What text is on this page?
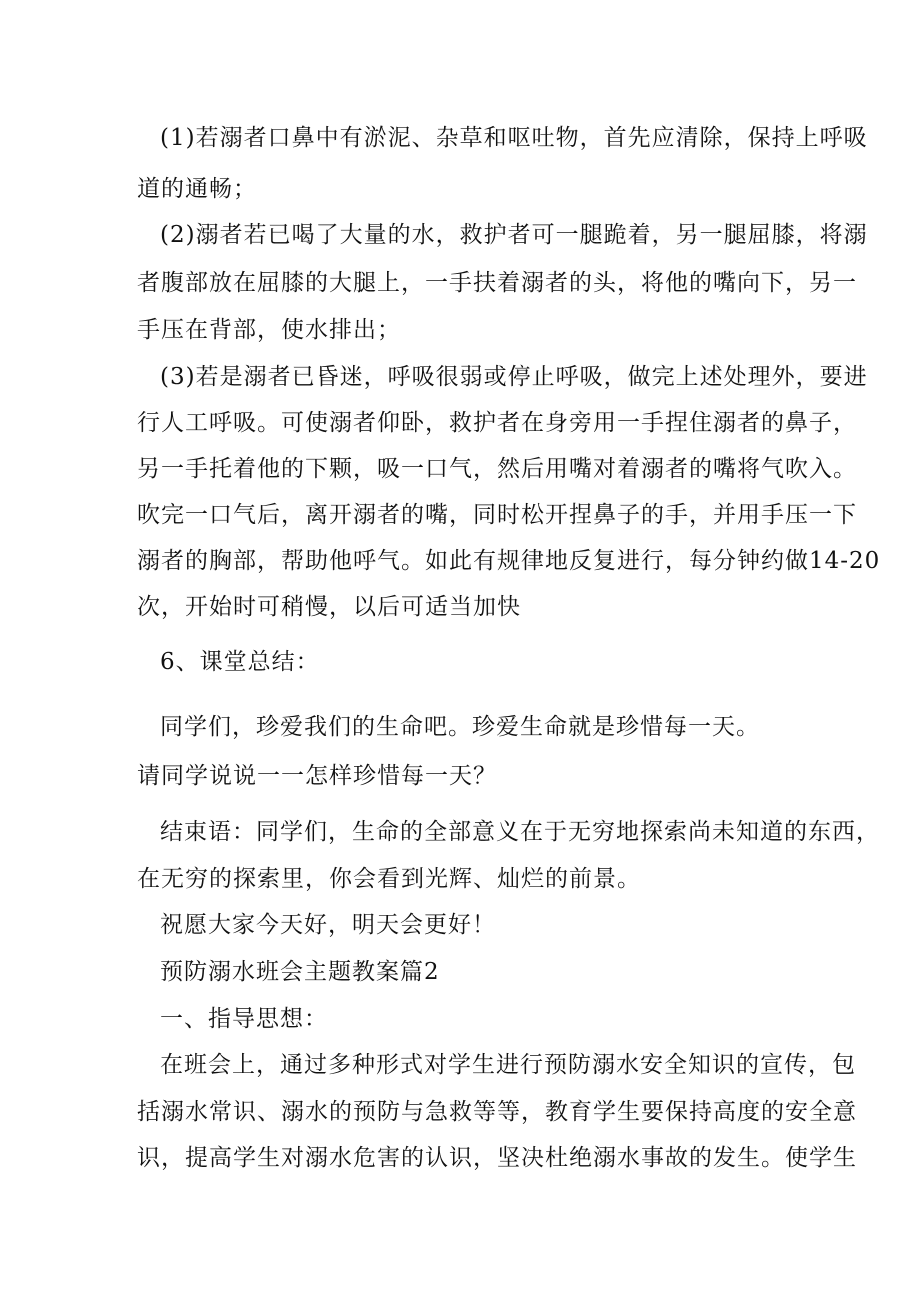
(1)若溺者口鼻中有淤泥、杂草和呕吐物，首先应清除，保持上呼吸
道的通畅；
(2)溺者若已喝了大量的水，救护者可一腿跪着，另一腿屈膝，将溺
者腹部放在屈膝的大腿上，一手扶着溺者的头，将他的嘴向下，另一
手压在背部，使水排出；
(3)若是溺者已昏迷，呼吸很弱或停止呼吸，做完上述处理外，要进
行人工呼吸。可使溺者仰卧，救护者在身旁用一手捏住溺者的鼻子，
另一手托着他的下颗，吸一口气，然后用嘴对着溺者的嘴将气吹入。
吹完一口气后，离开溺者的嘴，同时松开捏鼻子的手，并用手压一下
溺者的胸部，帮助他呼气。如此有规律地反复进行，每分钟约做14-20
次，开始时可稍慢，以后可适当加快
6、课堂总结：
同学们，珍爱我们的生命吧。珍爱生命就是珍惜每一天。
请同学说说一一怎样珍惜每一天？
结束语：同学们，生命的全部意义在于无穷地探索尚未知道的东西，
在无穷的探索里，你会看到光辉、灿烂的前景。
祝愿大家今天好，明天会更好！
预防溺水班会主题教案篇2
一、指导思想：
在班会上，通过多种形式对学生进行预防溺水安全知识的宣传，包
括溺水常识、溺水的预防与急救等等，教育学生要保持高度的安全意
识，提高学生对溺水危害的认识，坚决杜绝溺水事故的发生。使学生
